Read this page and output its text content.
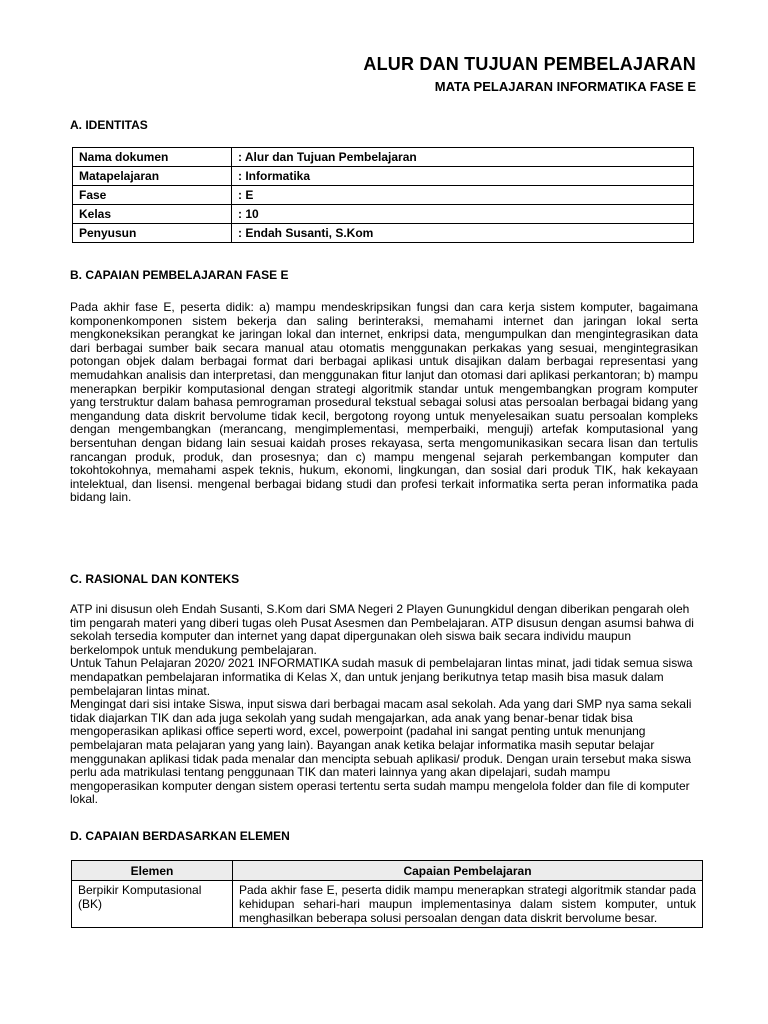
ALUR DAN TUJUAN PEMBELAJARAN
MATA PELAJARAN INFORMATIKA FASE E
A. IDENTITAS
Nama dokumen	: Alur dan Tujuan Pembelajaran
Matapelajaran	: Informatika
Fase	: E
Kelas	: 10
Penyusun	: Endah Susanti, S.Kom
B. CAPAIAN PEMBELAJARAN FASE E
Pada akhir fase E, peserta didik: a) mampu mendeskripsikan fungsi dan cara kerja sistem komputer, bagaimana komponenkomponen sistem bekerja dan saling berinteraksi, memahami internet dan jaringan lokal serta mengkoneksikan perangkat ke jaringan lokal dan internet, enkripsi data, mengumpulkan dan mengintegrasikan data dari berbagai sumber baik secara manual atau otomatis menggunakan perkakas yang sesuai, mengintegrasikan potongan objek dalam berbagai format dari berbagai aplikasi untuk disajikan dalam berbagai representasi yang memudahkan analisis dan interpretasi, dan menggunakan fitur lanjut dan otomasi dari aplikasi perkantoran; b) mampu menerapkan berpikir komputasional dengan strategi algoritmik standar untuk mengembangkan program komputer yang terstruktur dalam bahasa pemrograman prosedural tekstual sebagai solusi atas persoalan berbagai bidang yang mengandung data diskrit bervolume tidak kecil, bergotong royong untuk menyelesaikan suatu persoalan kompleks dengan mengembangkan (merancang, mengimplementasi, memperbaiki, menguji) artefak komputasional yang bersentuhan dengan bidang lain sesuai kaidah proses rekayasa, serta mengomunikasikan secara lisan dan tertulis rancangan produk, produk, dan prosesnya; dan c) mampu mengenal sejarah perkembangan komputer dan tokohtokohnya, memahami aspek teknis, hukum, ekonomi, lingkungan, dan sosial dari produk TIK, hak kekayaan intelektual, dan lisensi. mengenal berbagai bidang studi dan profesi terkait informatika serta peran informatika pada bidang lain.
C. RASIONAL DAN KONTEKS

ATP ini disusun oleh Endah Susanti, S.Kom dari SMA Negeri 2 Playen Gunungkidul dengan diberikan pengarah oleh tim pengarah materi yang diberi tugas oleh Pusat Asesmen dan Pembelajaran. ATP disusun dengan asumsi bahwa di sekolah tersedia komputer dan internet yang dapat dipergunakan oleh siswa baik secara individu maupun berkelompok untuk mendukung pembelajaran.

Untuk Tahun Pelajaran 2020/ 2021 INFORMATIKA sudah masuk di pembelajaran lintas minat, jadi tidak semua siswa mendapatkan pembelajaran informatika di Kelas X, dan untuk jenjang berikutnya tetap masih bisa masuk dalam pembelajaran lintas minat.

Mengingat dari sisi intake Siswa, input siswa dari berbagai macam asal sekolah. Ada yang dari SMP nya sama sekali tidak diajarkan TIK dan ada juga sekolah yang sudah mengajarkan, ada anak yang benar-benar tidak bisa mengoperasikan aplikasi office seperti word, excel, powerpoint (padahal ini sangat penting untuk menunjang pembelajaran mata pelajaran yang yang lain). Bayangan anak ketika belajar informatika masih seputar belajar menggunakan aplikasi tidak pada menalar dan mencipta sebuah aplikasi/ produk. Dengan urain tersebut maka siswa perlu ada matrikulasi tentang penggunaan TIK dan materi lainnya yang akan dipelajari, sudah mampu mengoperasikan komputer dengan sistem operasi tertentu serta sudah mampu mengelola folder dan file di komputer lokal.

D. CAPAIAN BERDASARKAN ELEMEN
Elemen	Capaian Pembelajaran
Berpikir Komputasional (BK)	Pada akhir fase E, peserta didik mampu menerapkan strategi algoritmik standar pada kehidupan sehari-hari maupun implementasinya dalam sistem komputer, untuk menghasilkan beberapa solusi persoalan dengan data diskrit bervolume besar.
